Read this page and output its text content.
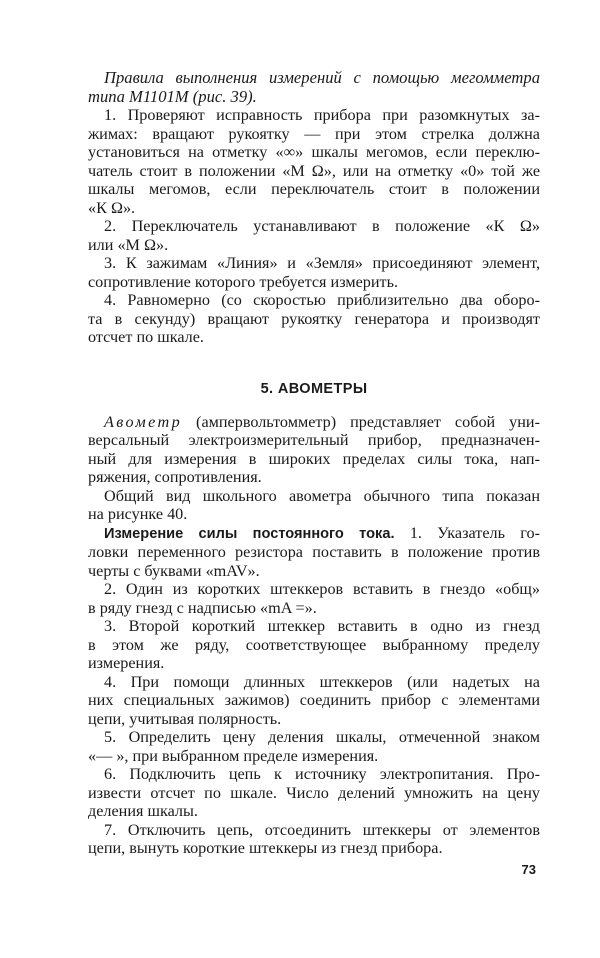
Правила выполнения измерений с помощью мегомметра
типа М1101М (рис. 39).
1. Проверяют исправность прибора при разомкнутых за-
жимах: вращают рукоятку — при этом стрелка должна
установиться на отметку «∞» шкалы мегомов, если переклю-
чатель стоит в положении «М Ω», или на отметку «0» той же
шкалы мегомов, если переключатель стоит в положении
«К Ω».
2. Переключатель устанавливают в положение «К Ω»
или «М Ω».
3. К зажимам «Линия» и «Земля» присоединяют элемент,
сопротивление которого требуется измерить.
4. Равномерно (со скоростью приблизительно два оборо-
та в секунду) вращают рукоятку генератора и производят
отсчет по шкале.
5. АВОМЕТРЫ
Авометр (ампервольтомметр) представляет собой уни-
версальный электроизмерительный прибор, предназначен-
ный для измерения в широких пределах силы тока, нап-
ряжения, сопротивления.
Общий вид школьного авометра обычного типа показан
на рисунке 40.
Измерение силы постоянного тока. 1. Указатель го-
ловки переменного резистора поставить в положение против
черты с буквами «mAV».
2. Один из коротких штеккеров вставить в гнездо «общ»
в ряду гнезд с надписью «mA =».
3. Второй короткий штеккер вставить в одно из гнезд
в этом же ряду, соответствующее выбранному пределу
измерения.
4. При помощи длинных штеккеров (или надетых на
них специальных зажимов) соединить прибор с элементами
цепи, учитывая полярность.
5. Определить цену деления шкалы, отмеченной знаком
«— », при выбранном пределе измерения.
6. Подключить цепь к источнику электропитания. Про-
извести отсчет по шкале. Число делений умножить на цену
деления шкалы.
7. Отключить цепь, отсоединить штеккеры от элементов
цепи, вынуть короткие штеккеры из гнезд прибора.
73
